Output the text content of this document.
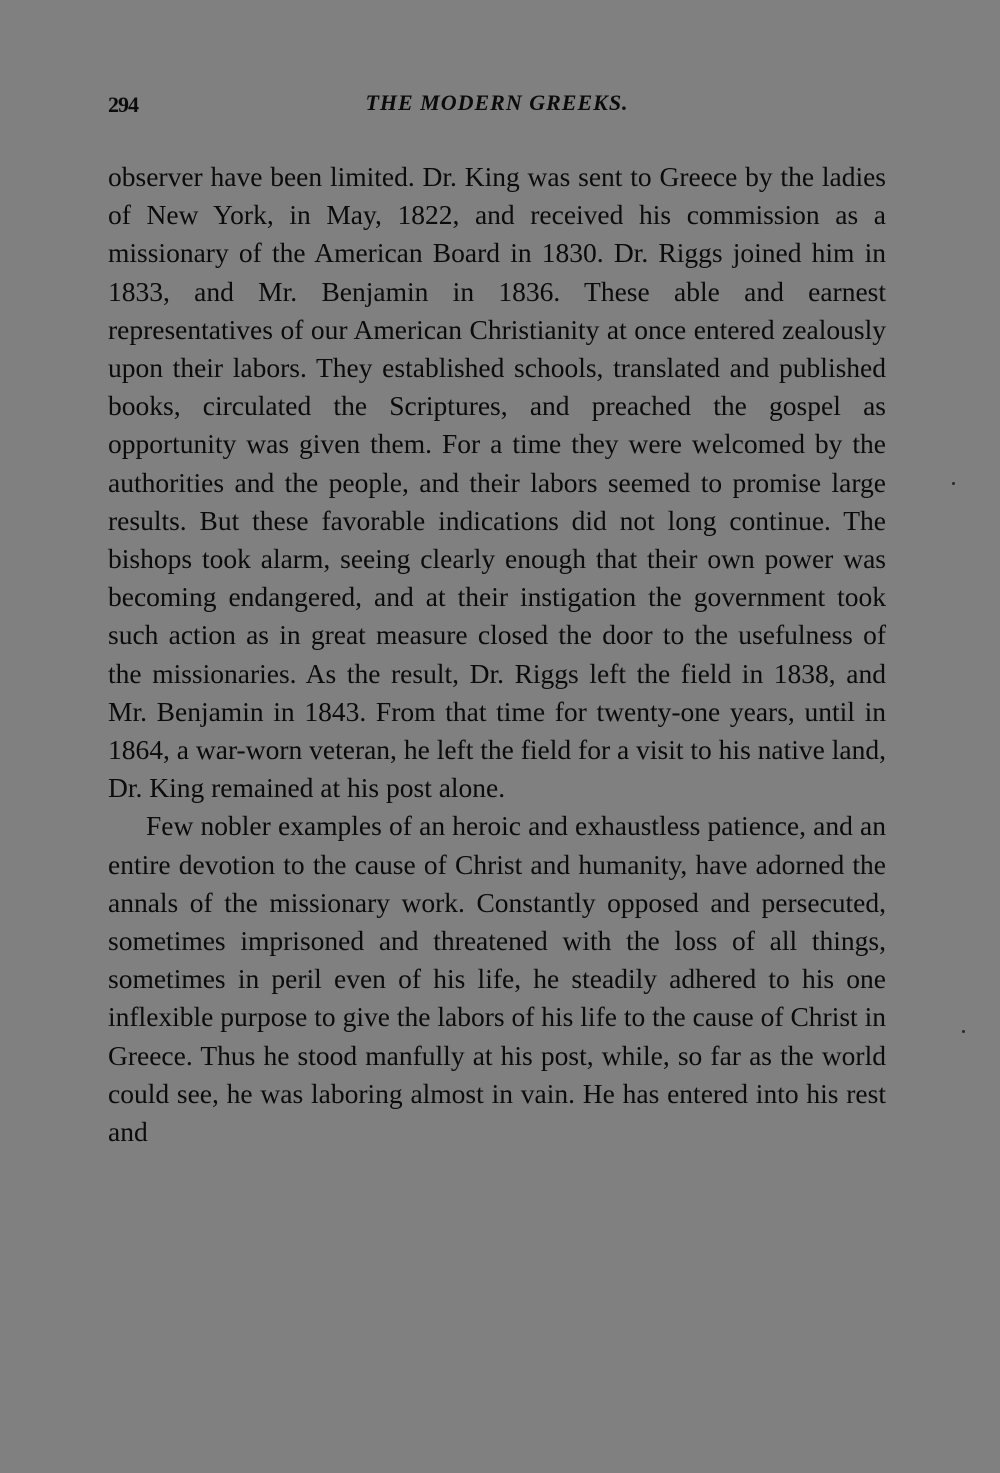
294	THE MODERN GREEKS.

observer have been limited. Dr. King was sent to Greece by the ladies of New York, in May, 1822, and received his commission as a missionary of the American Board in 1830. Dr. Riggs joined him in 1833, and Mr. Benjamin in 1836. These able and earnest representatives of our American Christianity at once entered zealously upon their labors. They established schools, translated and published books, circulated the Scriptures, and preached the gospel as opportunity was given them. For a time they were welcomed by the authorities and the people, and their labors seemed to promise large results. But these favorable indications did not long continue. The bishops took alarm, seeing clearly enough that their own power was becoming endangered, and at their instigation the government took such action as in great measure closed the door to the usefulness of the missionaries. As the result, Dr. Riggs left the field in 1838, and Mr. Benjamin in 1843. From that time for twenty-one years, until in 1864, a war-worn veteran, he left the field for a visit to his native land, Dr. King remained at his post alone.

Few nobler examples of an heroic and exhaustless patience, and an entire devotion to the cause of Christ and humanity, have adorned the annals of the missionary work. Constantly opposed and persecuted, sometimes imprisoned and threatened with the loss of all things, sometimes in peril even of his life, he steadily adhered to his one inflexible purpose to give the labors of his life to the cause of Christ in Greece. Thus he stood manfully at his post, while, so far as the world could see, he was laboring almost in vain. He has entered into his rest and
